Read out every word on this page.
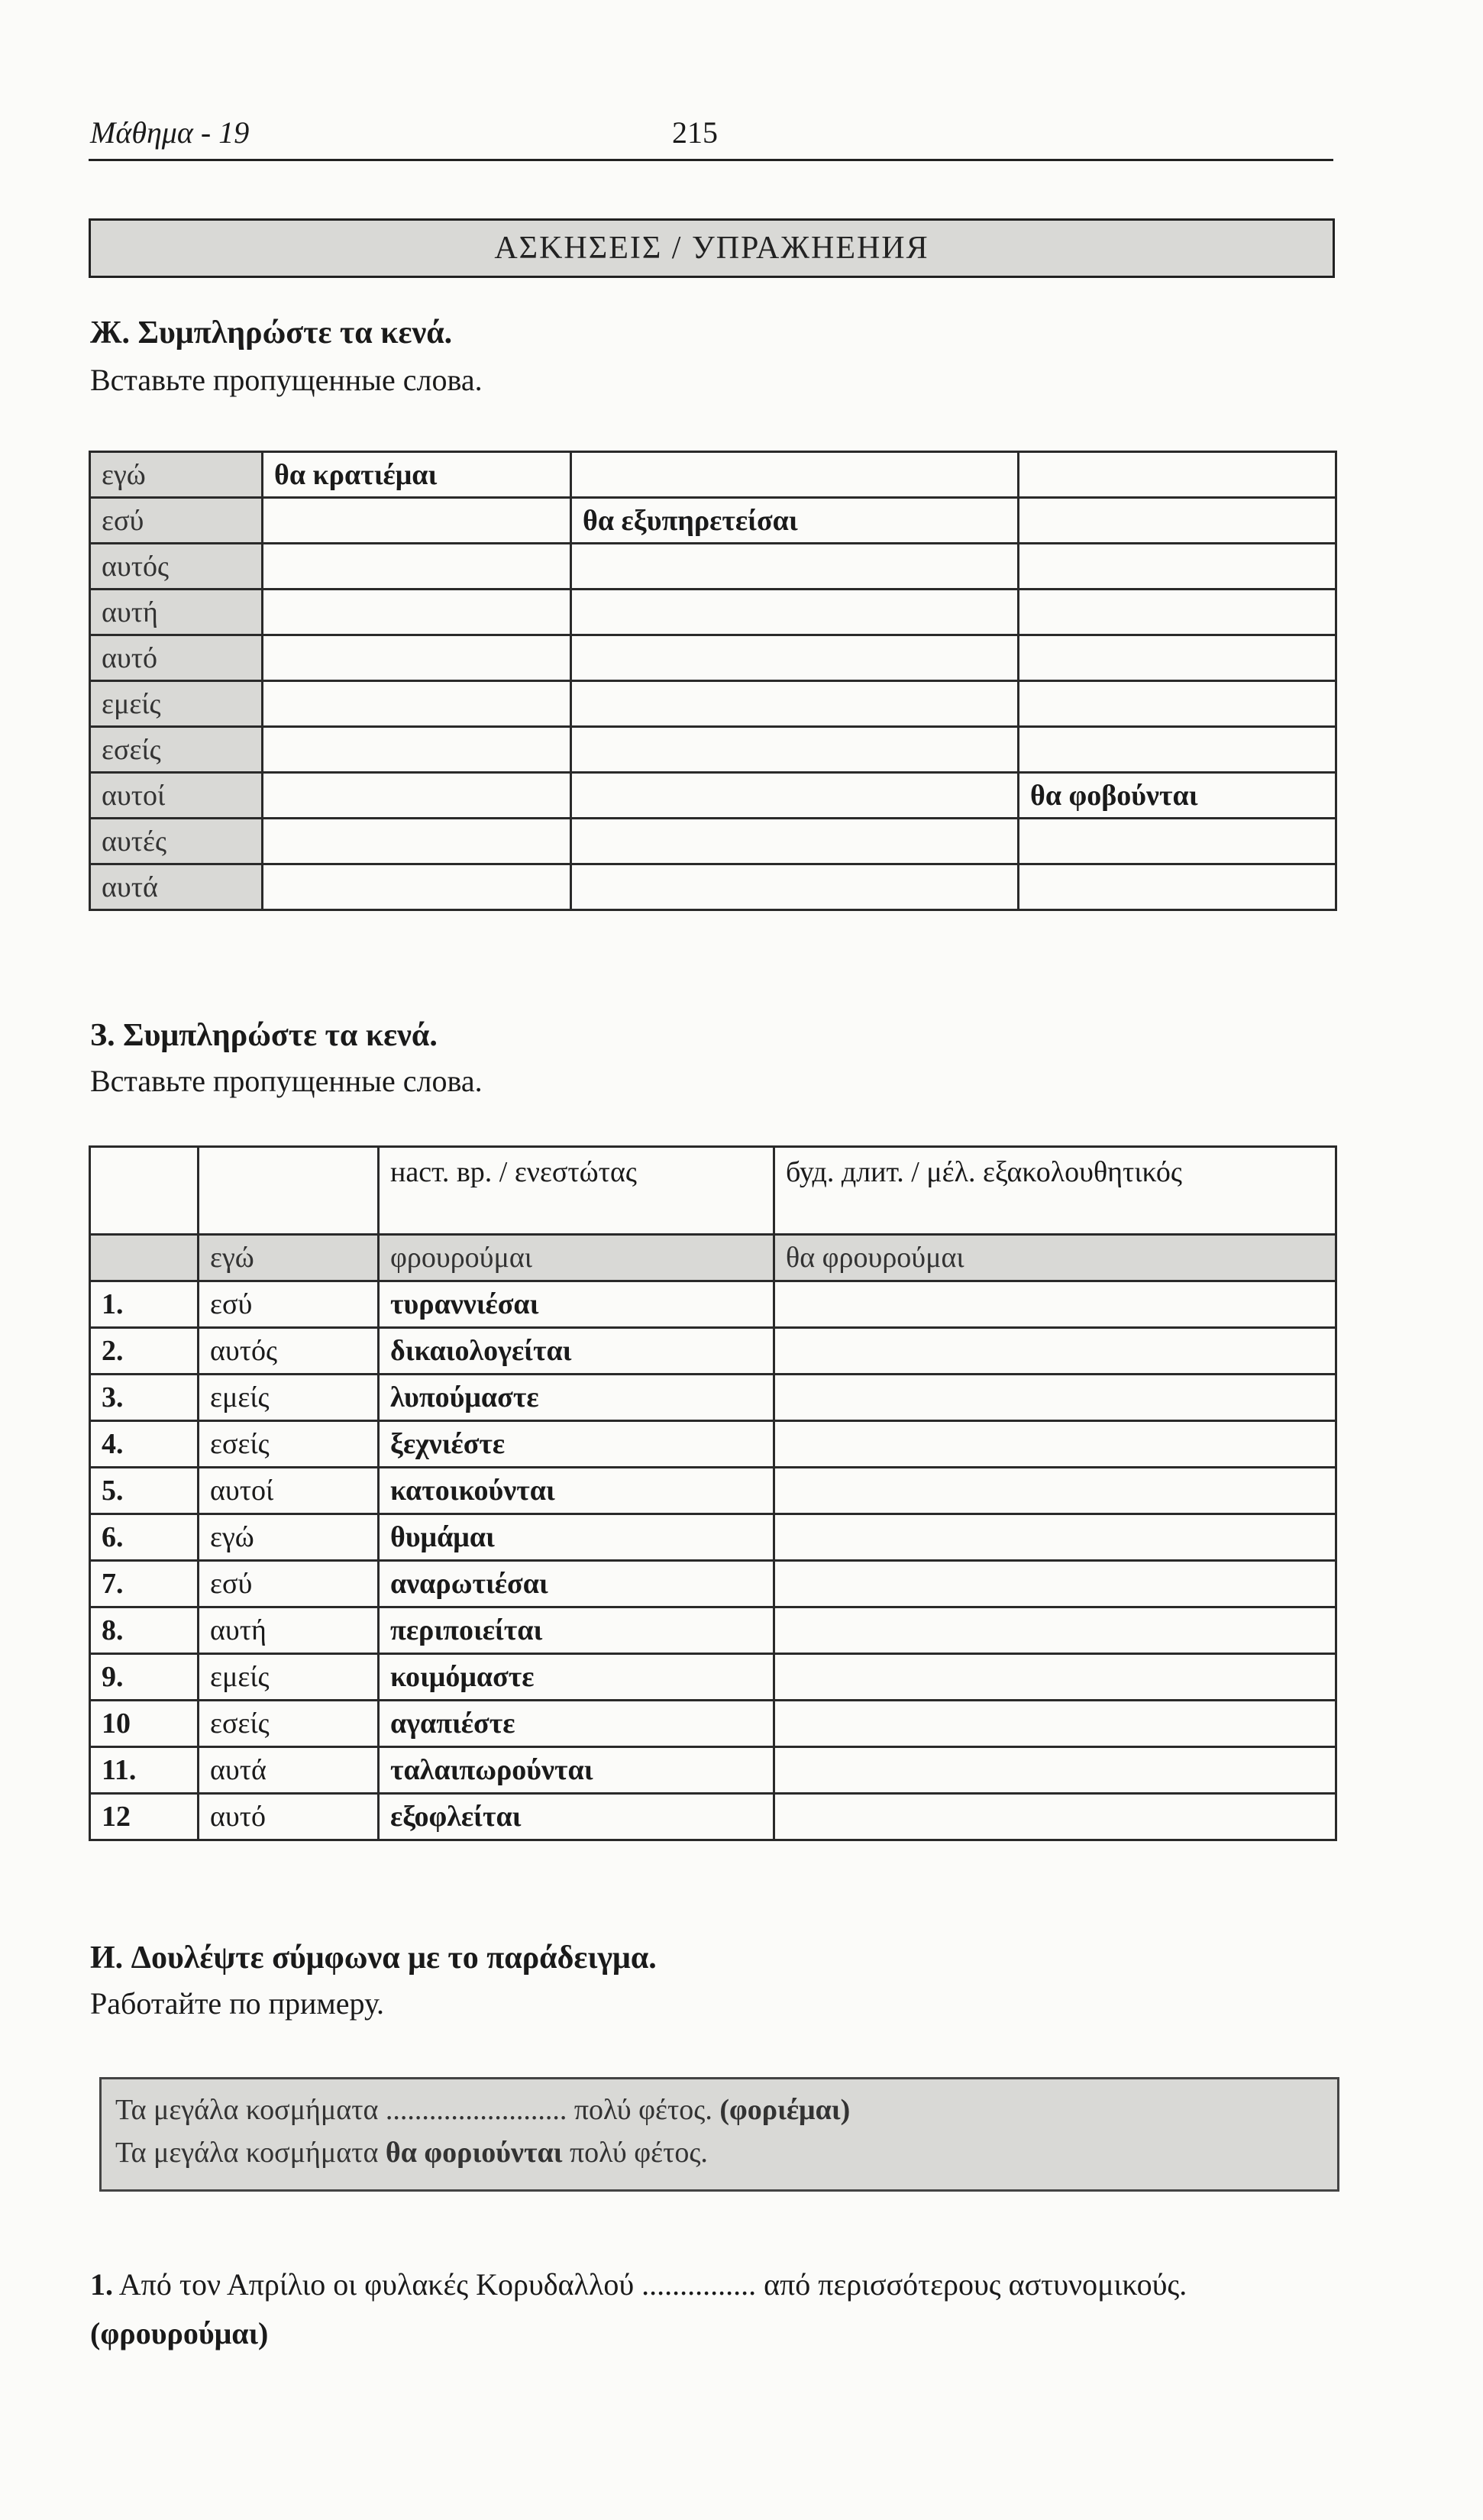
Μάθημα - 19	215
ΑΣΚΗΣΕΙΣ / УПРАЖНЕНИЯ
Ж. Συμπληρώστε τα κενά.
Вставьте пропущенные слова.
εγώ	θα κρατιέμαι		
εσύ		θα εξυπηρετείσαι	
αυτός			
αυτή			
αυτό			
εμείς			
εσείς			
αυτοί			θα φοβούνται
αυτές			
αυτά			
З. Συμπληρώστε τα κενά.
Вставьте пропущенные слова.
		наст. вр. / ενεστώτας	буд. длит. / μέλ. εξακολουθητικός
	εγώ	φρουρούμαι	θα φρουρούμαι
1.	εσύ	τυραννιέσαι	
2.	αυτός	δικαιολογείται	
3.	εμείς	λυπούμαστε	
4.	εσείς	ξεχνιέστε	
5.	αυτοί	κατοικούνται	
6.	εγώ	θυμάμαι	
7.	εσύ	αναρωτιέσαι	
8.	αυτή	περιποιείται	
9.	εμείς	κοιμόμαστε	
10	εσείς	αγαπιέστε	
11.	αυτά	ταλαιπωρούνται	
12	αυτό	εξοφλείται	
И. Δουλέψτε σύμφωνα με το παράδειγμα.
Работайте по примеру.
Τα μεγάλα κοσμήματα ......................... πολύ φέτος. (φοριέμαι)
Τα μεγάλα κοσμήματα θα φοριούνται πολύ φέτος.
1. Από τον Απρίλιο οι φυλακές Κορυδαλλού ............... από περισσότερους αστυνομικούς. (φρουρούμαι)
